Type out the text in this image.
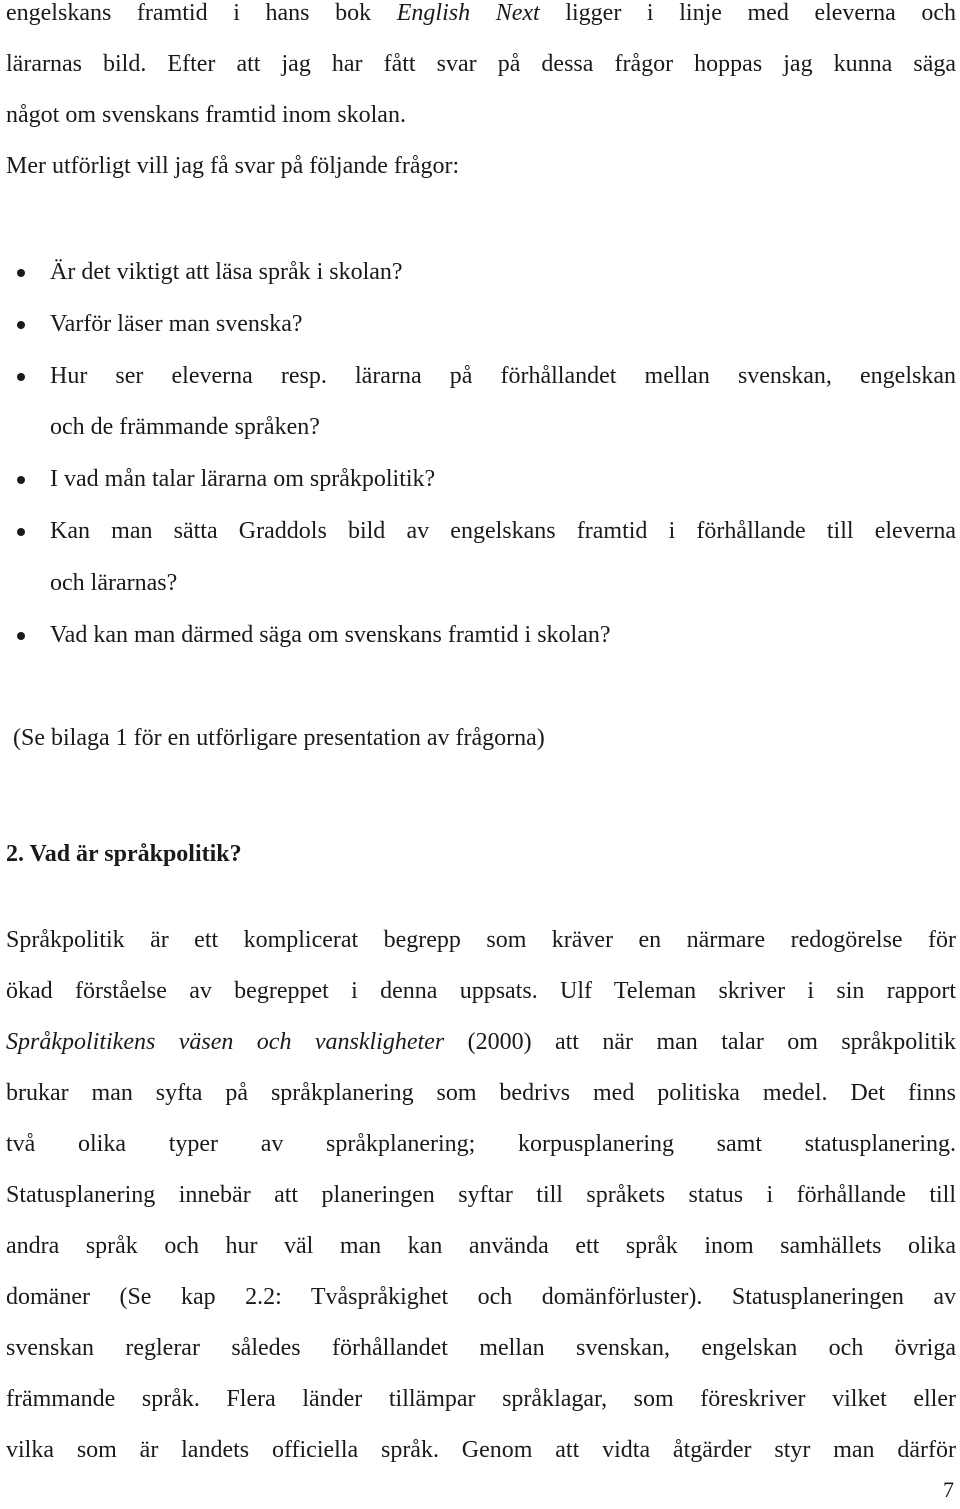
engelskans framtid i hans bok English Next ligger i linje med eleverna och
lärarnas bild. Efter att jag har fått svar på dessa frågor hoppas jag kunna säga
något om svenskans framtid inom skolan.
Mer utförligt vill jag få svar på följande frågor:
Är det viktigt att läsa språk i skolan?
Varför läser man svenska?
Hur ser eleverna resp. lärarna på förhållandet mellan svenskan, engelskan
och de främmande språken?
I vad mån talar lärarna om språkpolitik?
Kan man sätta Graddols bild av engelskans framtid i förhållande till eleverna
och lärarnas?
Vad kan man därmed säga om svenskans framtid i skolan?
(Se bilaga 1 för en utförligare presentation av frågorna)
2. Vad är språkpolitik?
Språkpolitik är ett komplicerat begrepp som kräver en närmare redogörelse för
ökad förståelse av begreppet i denna uppsats. Ulf Teleman skriver i sin rapport
Språkpolitikens väsen och vanskligheter (2000) att när man talar om språkpolitik
brukar man syfta på språkplanering som bedrivs med politiska medel. Det finns
två olika typer av språkplanering; korpusplanering samt statusplanering.
Statusplanering innebär att planeringen syftar till språkets status i förhållande till
andra språk och hur väl man kan använda ett språk inom samhällets olika
domäner (Se kap 2.2: Tvåspråkighet och domänförluster). Statusplaneringen av
svenskan reglerar således förhållandet mellan svenskan, engelskan och övriga
främmande språk. Flera länder tillämpar språklagar, som föreskriver vilket eller
vilka som är landets officiella språk. Genom att vidta åtgärder styr man därför
7
